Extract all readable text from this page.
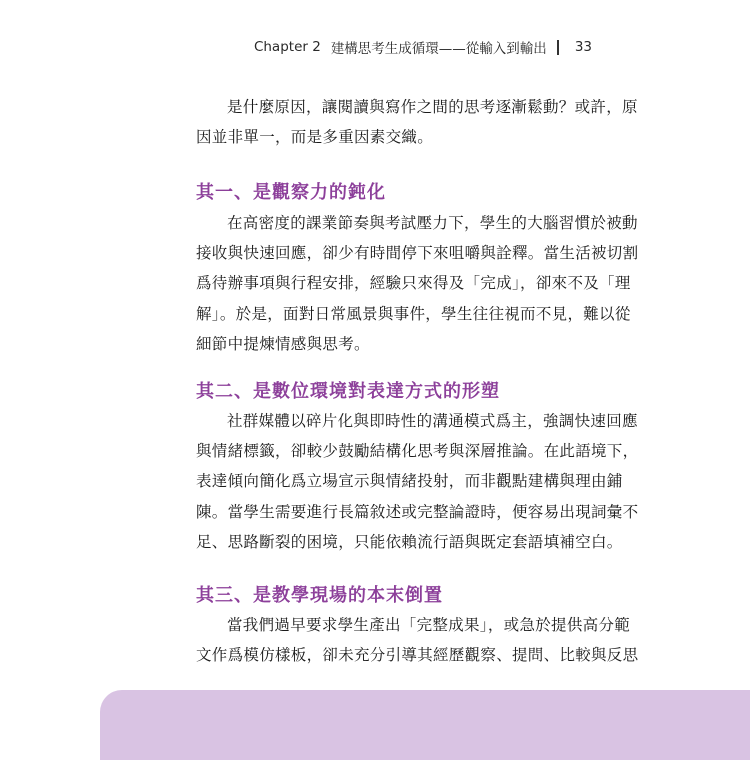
Chapter 2 建構思考生成循環——從輸入到輸出 33

是什麼原因，讓閱讀與寫作之間的思考逐漸鬆動？或許，原
因並非單一，而是多重因素交織。

其一、是觀察力的鈍化

在高密度的課業節奏與考試壓力下，學生的大腦習慣於被動
接收與快速回應，卻少有時間停下來咀嚼與詮釋。當生活被切割
爲待辦事項與行程安排，經驗只來得及「完成」，卻來不及「理
解」。於是，面對日常風景與事件，學生往往視而不見，難以從
細節中提煉情感與思考。

其二、是數位環境對表達方式的形塑

社群媒體以碎片化與即時性的溝通模式爲主，強調快速回應
與情緒標籤，卻較少鼓勵結構化思考與深層推論。在此語境下，
表達傾向簡化爲立場宣示與情緒投射，而非觀點建構與理由鋪
陳。當學生需要進行長篇敘述或完整論證時，便容易出現詞彙不
足、思路斷裂的困境，只能依賴流行語與既定套語填補空白。

其三、是教學現場的本末倒置

當我們過早要求學生產出「完整成果」，或急於提供高分範
文作爲模仿樣板，卻未充分引導其經歷觀察、提問、比較與反思
